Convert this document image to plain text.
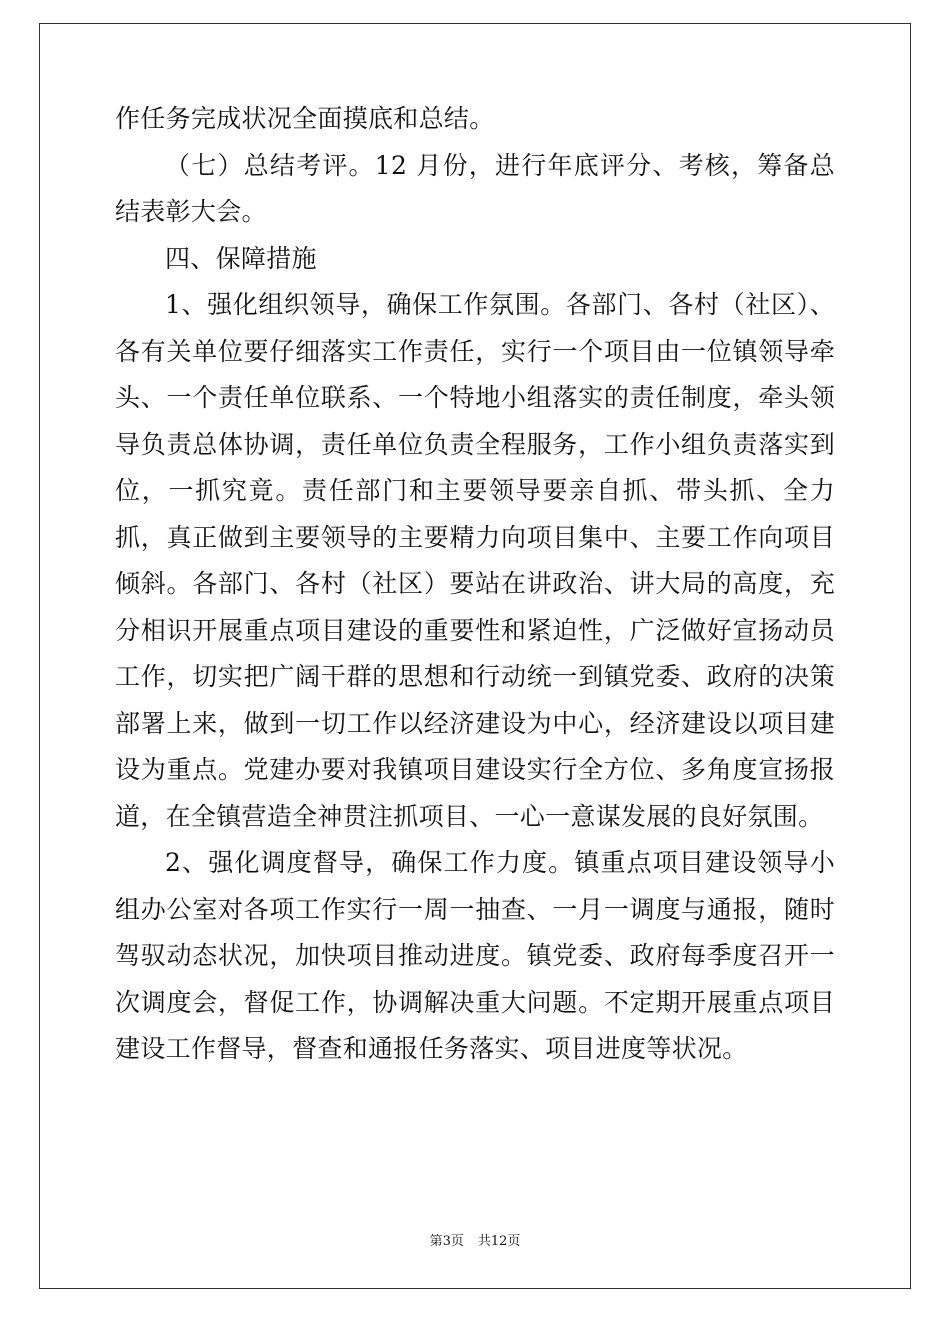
作任务完成状况全面摸底和总结。

（七）总结考评。12 月份，进行年底评分、考核，筹备总结表彰大会。

四、保障措施

1、强化组织领导，确保工作氛围。各部门、各村（社区）、各有关单位要仔细落实工作责任，实行一个项目由一位镇领导牵头、一个责任单位联系、一个特地小组落实的责任制度，牵头领导负责总体协调，责任单位负责全程服务，工作小组负责落实到位，一抓究竟。责任部门和主要领导要亲自抓、带头抓、全力抓，真正做到主要领导的主要精力向项目集中、主要工作向项目倾斜。各部门、各村（社区）要站在讲政治、讲大局的高度，充分相识开展重点项目建设的重要性和紧迫性，广泛做好宣扬动员工作，切实把广阔干群的思想和行动统一到镇党委、政府的决策部署上来，做到一切工作以经济建设为中心，经济建设以项目建设为重点。党建办要对我镇项目建设实行全方位、多角度宣扬报道，在全镇营造全神贯注抓项目、一心一意谋发展的良好氛围。

2、强化调度督导，确保工作力度。镇重点项目建设领导小组办公室对各项工作实行一周一抽查、一月一调度与通报，随时驾驭动态状况，加快项目推动进度。镇党委、政府每季度召开一次调度会，督促工作，协调解决重大问题。不定期开展重点项目建设工作督导，督查和通报任务落实、项目进度等状况。

第3页 共12页
